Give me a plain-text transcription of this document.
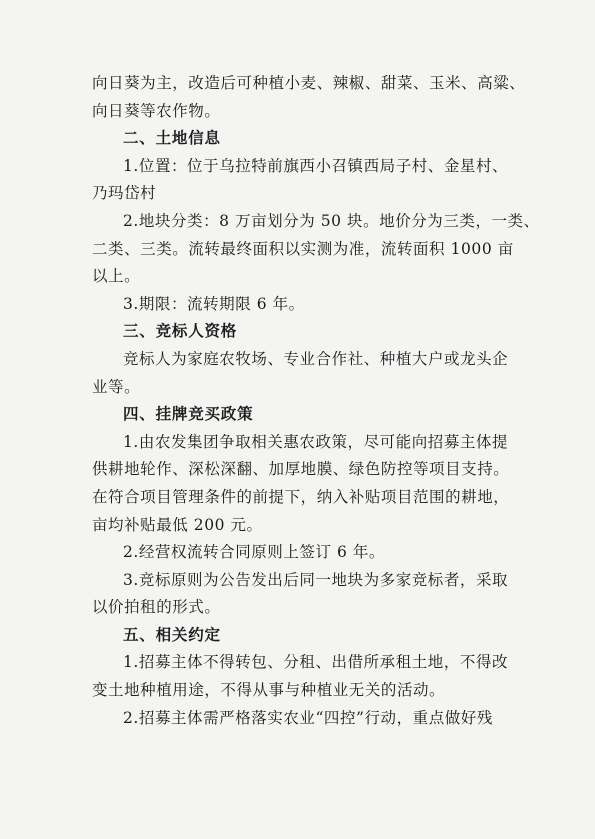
向日葵为主，改造后可种植小麦、辣椒、甜菜、玉米、高粱、
向日葵等农作物。
二、土地信息
1.位置：位于乌拉特前旗西小召镇西局子村、金星村、
乃玛岱村
2.地块分类：8 万亩划分为 50 块。地价分为三类，一类、
二类、三类。流转最终面积以实测为准，流转面积 1000 亩
以上。
3.期限：流转期限 6 年。
三、竞标人资格
竞标人为家庭农牧场、专业合作社、种植大户或龙头企
业等。
四、挂牌竞买政策
1.由农发集团争取相关惠农政策，尽可能向招募主体提
供耕地轮作、深松深翻、加厚地膜、绿色防控等项目支持。
在符合项目管理条件的前提下，纳入补贴项目范围的耕地，
亩均补贴最低 200 元。
2.经营权流转合同原则上签订 6 年。
3.竞标原则为公告发出后同一地块为多家竞标者，采取
以价拍租的形式。
五、相关约定
1.招募主体不得转包、分租、出借所承租土地，不得改
变土地种植用途，不得从事与种植业无关的活动。
2.招募主体需严格落实农业“四控”行动，重点做好残
